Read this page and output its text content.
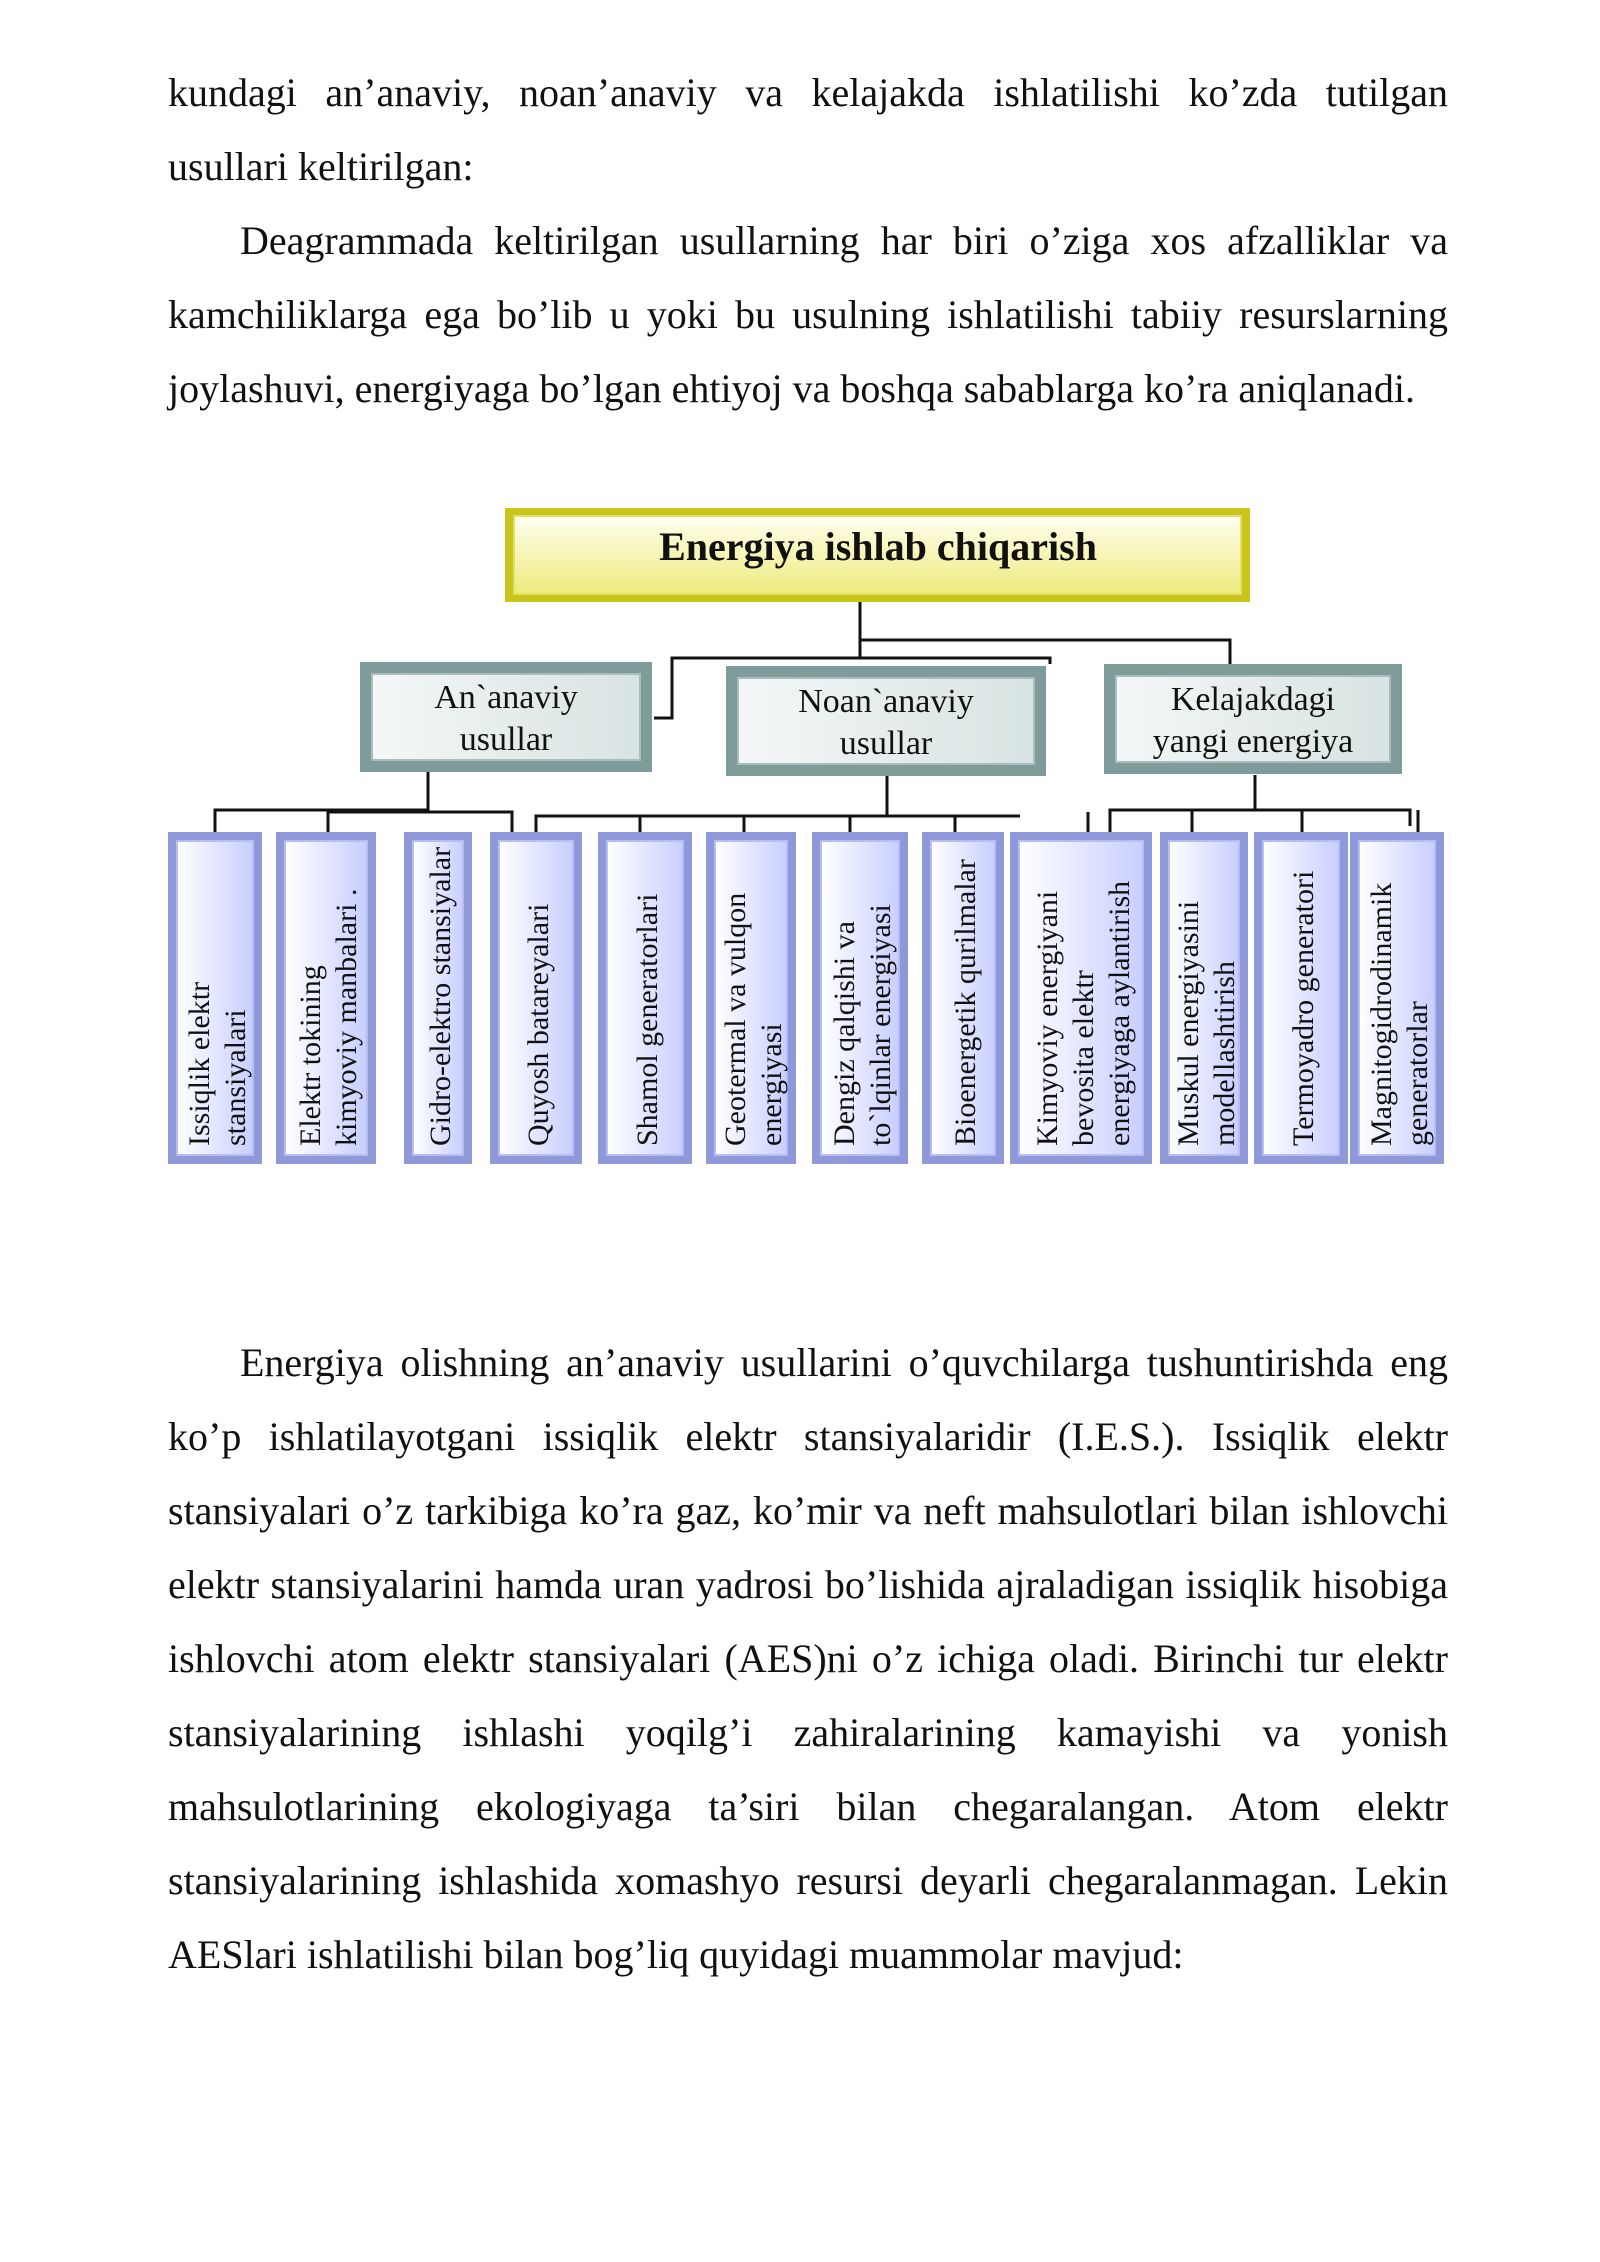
kundagi an’anaviy, noan’anaviy va kelajakda ishlatilishi ko’zda tutilgan usullari keltirilgan:

Deagrammada keltirilgan usullarning har biri o’ziga xos afzalliklar va kamchiliklarga ega bo’lib u yoki bu usulning ishlatilishi tabiiy resurslarning joylashuvi, energiyaga bo’lgan ehtiyoj va boshqa sabablarga ko’ra aniqlanadi.

Energiya ishlab chiqarish
An`anaviy
usullar
Noan`anaviy
usullar
Kelajakdagi
yangi energiya
Issiqlik elektr stansiyalari Elektr tokining kimyoviy manbalari . Gidro-elektro stansiyalar Quyosh batareyalari	Shamol generatorlari Geotermal va vulqon energiyasi Dengiz qalqishi va to`lqinlar energiyasi Bioenergetik qurilmalar Kimyoviy energiyani bevosita elektr energiyaga aylantirish Muskul energiyasini modellashtirish Termoyadro generatori Magnitogidrodinamik generatorlar

Energiya olishning an’anaviy usullarini o’quvchilarga tushuntirishda eng ko’p ishlatilayotgani issiqlik elektr stansiyalaridir (I.E.S.). Issiqlik elektr stansiyalari o’z tarkibiga ko’ra gaz, ko’mir va neft mahsulotlari bilan ishlovchi elektr stansiyalarini hamda uran yadrosi bo’lishida ajraladigan issiqlik hisobiga ishlovchi atom elektr stansiyalari (AES)ni o’z ichiga oladi. Birinchi tur elektr stansiyalarining ishlashi yoqilg’i zahiralarining kamayishi va yonish mahsulotlarining ekologiyaga ta’siri bilan chegaralangan. Atom elektr stansiyalarining ishlashida xomashyo resursi deyarli chegaralanmagan. Lekin AESlari ishlatilishi bilan bog’liq quyidagi muammolar mavjud:
